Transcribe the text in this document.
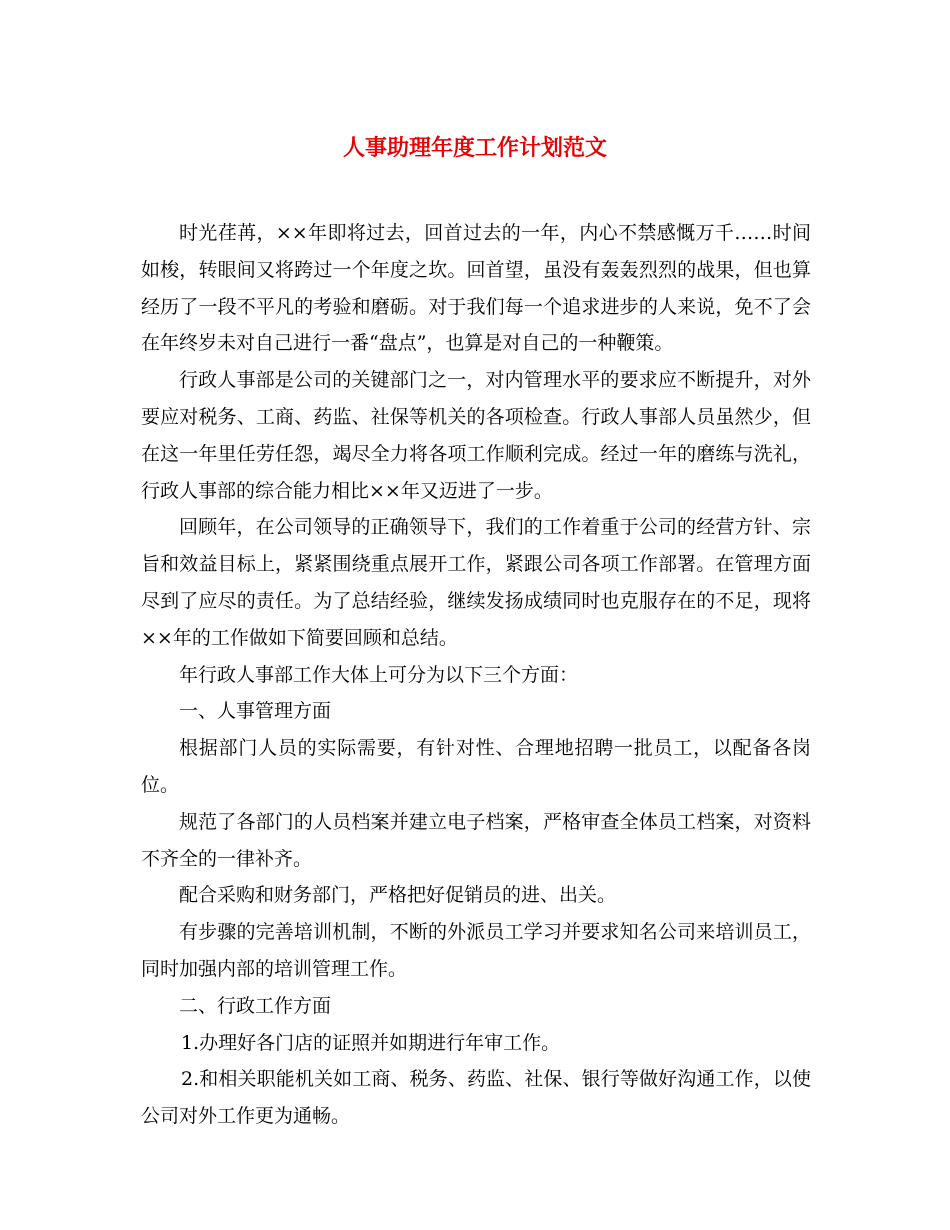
人事助理年度工作计划范文

时光荏苒，××年即将过去，回首过去的一年，内心不禁感慨万千……时间如梭，转眼间又将跨过一个年度之坎。回首望，虽没有轰轰烈烈的战果，但也算经历了一段不平凡的考验和磨砺。对于我们每一个追求进步的人来说，免不了会在年终岁未对自己进行一番“盘点”，也算是对自己的一种鞭策。

行政人事部是公司的关键部门之一，对内管理水平的要求应不断提升，对外要应对税务、工商、药监、社保等机关的各项检查。行政人事部人员虽然少，但在这一年里任劳任怨，竭尽全力将各项工作顺利完成。经过一年的磨练与洗礼，行政人事部的综合能力相比××年又迈进了一步。

回顾年，在公司领导的正确领导下，我们的工作着重于公司的经营方针、宗旨和效益目标上，紧紧围绕重点展开工作，紧跟公司各项工作部署。在管理方面尽到了应尽的责任。为了总结经验，继续发扬成绩同时也克服存在的不足，现将××年的工作做如下简要回顾和总结。

年行政人事部工作大体上可分为以下三个方面：

一、人事管理方面

根据部门人员的实际需要，有针对性、合理地招聘一批员工，以配备各岗位。

规范了各部门的人员档案并建立电子档案，严格审查全体员工档案，对资料不齐全的一律补齐。

配合采购和财务部门，严格把好促销员的进、出关。

有步骤的完善培训机制，不断的外派员工学习并要求知名公司来培训员工，同时加强内部的培训管理工作。

二、行政工作方面

1.办理好各门店的证照并如期进行年审工作。

2.和相关职能机关如工商、税务、药监、社保、银行等做好沟通工作，以使公司对外工作更为通畅。
